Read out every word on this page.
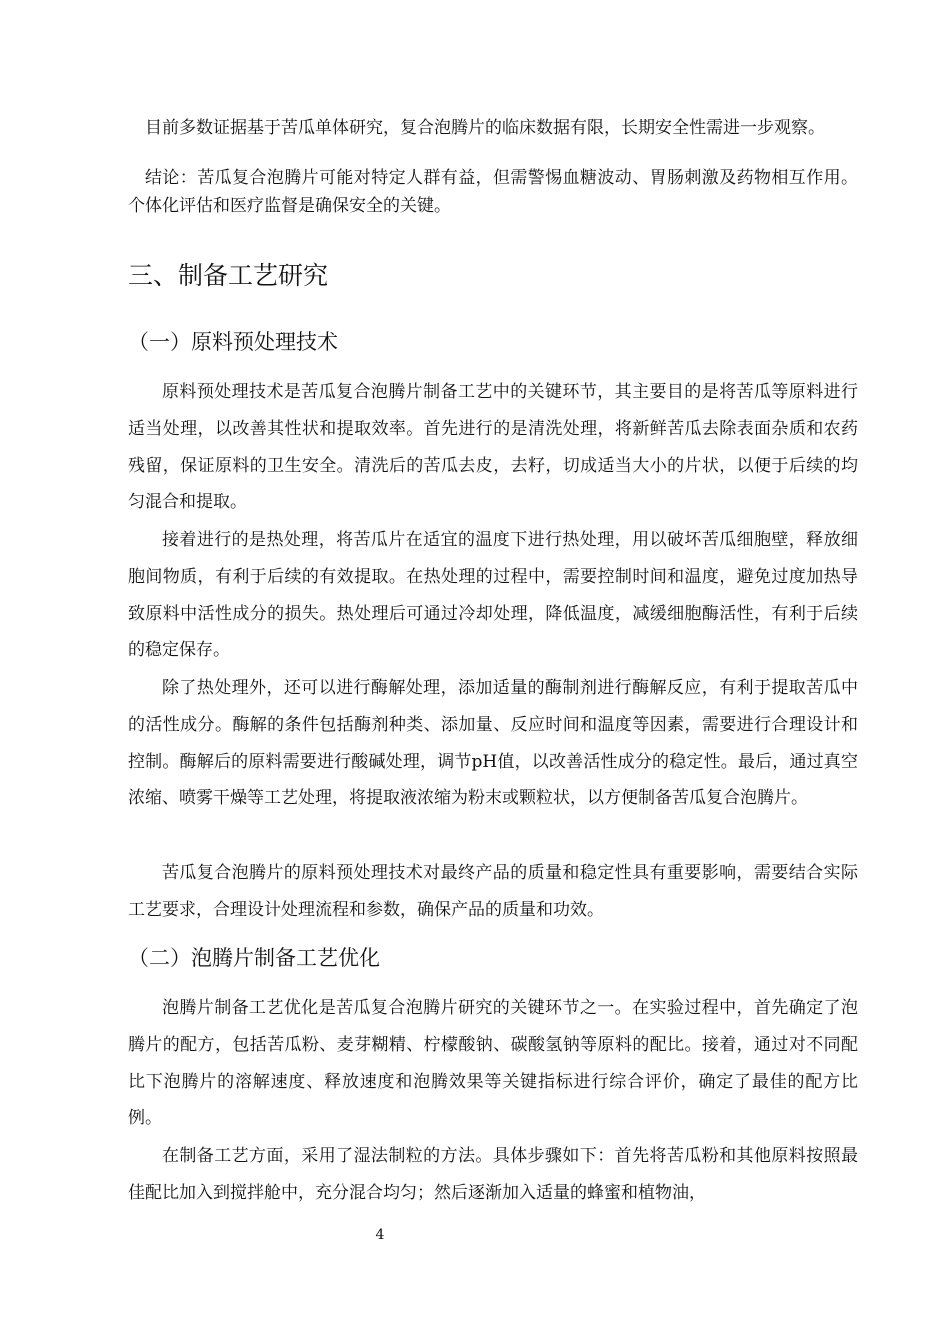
目前多数证据基于苦瓜单体研究，复合泡腾片的临床数据有限，长期安全性需进一步观察。

结论：苦瓜复合泡腾片可能对特定人群有益，但需警惕血糖波动、胃肠刺激及药物相互作用。个体化评估和医疗监督是确保安全的关键。

三、制备工艺研究
（一）原料预处理技术

原料预处理技术是苦瓜复合泡腾片制备工艺中的关键环节，其主要目的是将苦瓜等原料进行适当处理，以改善其性状和提取效率。首先进行的是清洗处理，将新鲜苦瓜去除表面杂质和农药残留，保证原料的卫生安全。清洗后的苦瓜去皮，去籽，切成适当大小的片状，以便于后续的均匀混合和提取。

接着进行的是热处理，将苦瓜片在适宜的温度下进行热处理，用以破坏苦瓜细胞壁，释放细胞间物质，有利于后续的有效提取。在热处理的过程中，需要控制时间和温度，避免过度加热导致原料中活性成分的损失。热处理后可通过冷却处理，降低温度，减缓细胞酶活性，有利于后续的稳定保存。

除了热处理外，还可以进行酶解处理，添加适量的酶制剂进行酶解反应，有利于提取苦瓜中的活性成分。酶解的条件包括酶剂种类、添加量、反应时间和温度等因素，需要进行合理设计和控制。酶解后的原料需要进行酸碱处理，调节pH值，以改善活性成分的稳定性。最后，通过真空浓缩、喷雾干燥等工艺处理，将提取液浓缩为粉末或颗粒状，以方便制备苦瓜复合泡腾片。

苦瓜复合泡腾片的原料预处理技术对最终产品的质量和稳定性具有重要影响，需要结合实际工艺要求，合理设计处理流程和参数，确保产品的质量和功效。

（二）泡腾片制备工艺优化

泡腾片制备工艺优化是苦瓜复合泡腾片研究的关键环节之一。在实验过程中，首先确定了泡腾片的配方，包括苦瓜粉、麦芽糊精、柠檬酸钠、碳酸氢钠等原料的配比。接着，通过对不同配比下泡腾片的溶解速度、释放速度和泡腾效果等关键指标进行综合评价，确定了最佳的配方比例。

在制备工艺方面，采用了湿法制粒的方法。具体步骤如下：首先将苦瓜粉和其他原料按照最佳配比加入到搅拌舱中，充分混合均匀；然后逐渐加入适量的蜂蜜和植物油，

4
